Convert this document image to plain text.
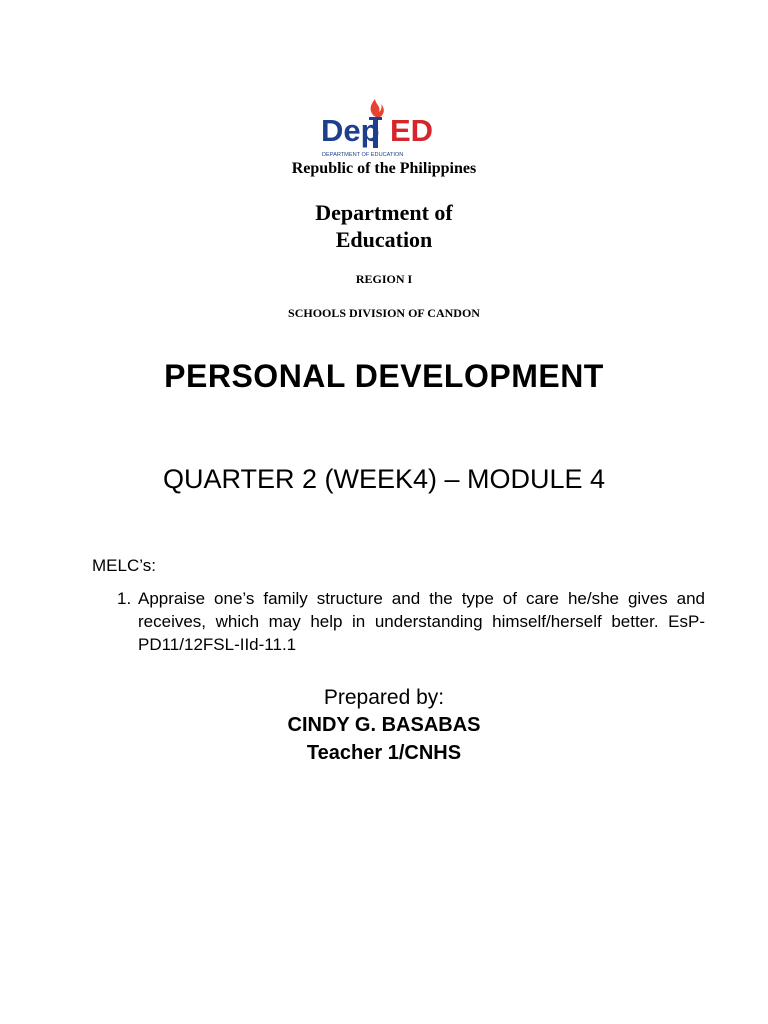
Dep ED
DEPARTMENT OF EDUCATION
Republic of the Philippines
Department of Education
REGION I
SCHOOLS DIVISION OF CANDON
PERSONAL DEVELOPMENT
QUARTER 2 (WEEK4) – MODULE 4
MELC’s:
1. Appraise one’s family structure and the type of care he/she gives and receives, which may help in understanding himself/herself better. EsP-PD11/12FSL-IId-11.1
Prepared by:
CINDY G. BASABAS
Teacher 1/CNHS
